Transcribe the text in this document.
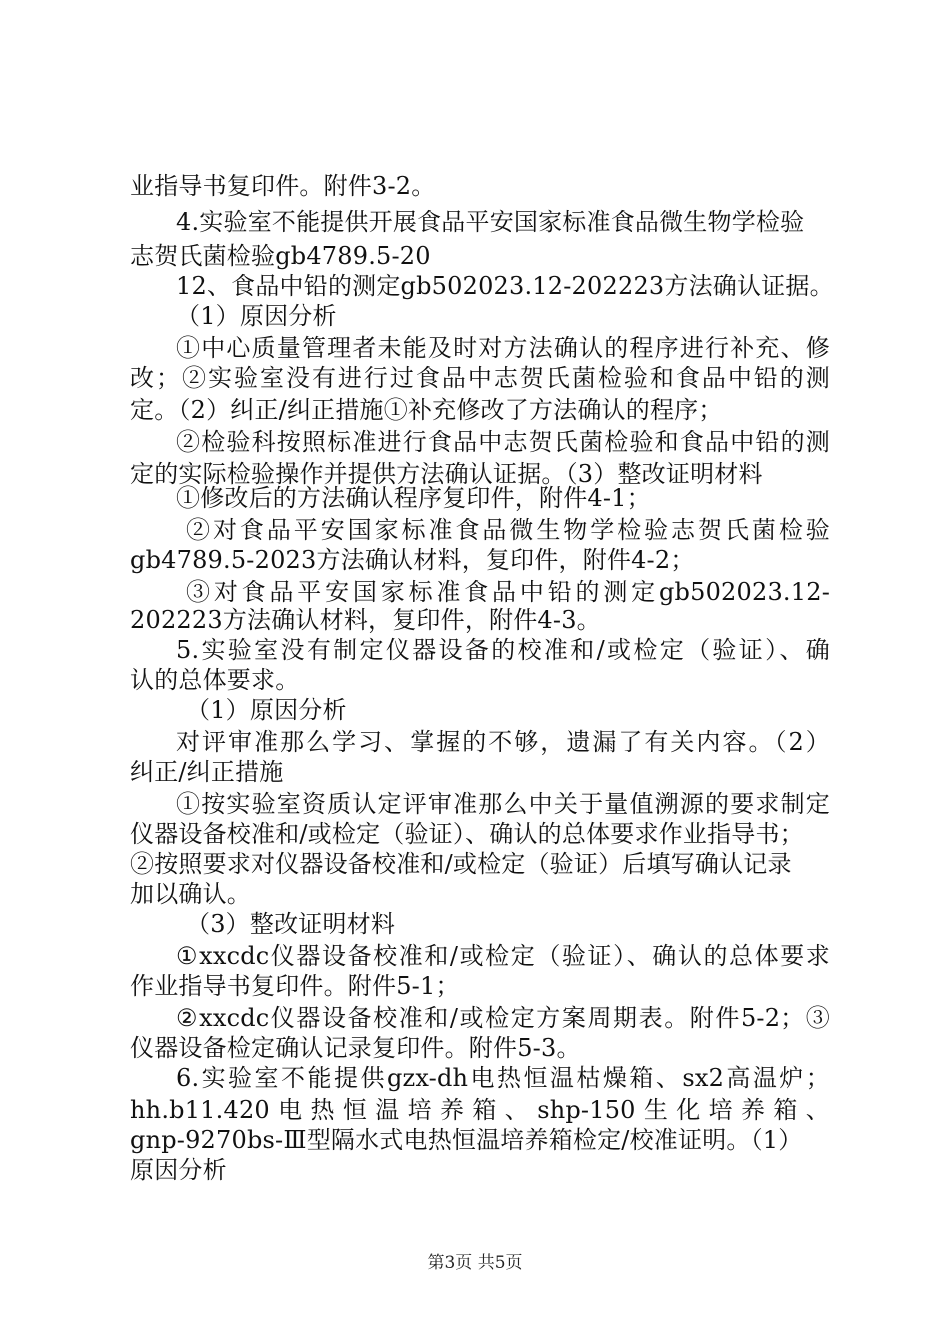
业指导书复印件。附件3-2。
4.实验室不能提供开展食品平安国家标准食品微生物学检验
志贺氏菌检验gb4789.5-20
12、食品中铅的测定gb502023.12-202223方法确认证据。
（1）原因分析
①中心质量管理者未能及时对方法确认的程序进行补充、修
改；②实验室没有进行过食品中志贺氏菌检验和食品中铅的测
定。（2）纠正/纠正措施①补充修改了方法确认的程序；
②检验科按照标准进行食品中志贺氏菌检验和食品中铅的测
定的实际检验操作并提供方法确认证据。（3）整改证明材料
①修改后的方法确认程序复印件，附件4-1；
②对食品平安国家标准食品微生物学检验志贺氏菌检验
gb4789.5-2023方法确认材料，复印件，附件4-2；
③对食品平安国家标准食品中铅的测定gb502023.12-
202223方法确认材料，复印件，附件4-3。
5.实验室没有制定仪器设备的校准和/或检定（验证）、确
认的总体要求。
（1）原因分析
对评审准那么学习、掌握的不够，遗漏了有关内容。（2）
纠正/纠正措施
①按实验室资质认定评审准那么中关于量值溯源的要求制定
仪器设备校准和/或检定（验证）、确认的总体要求作业指导书；
②按照要求对仪器设备校准和/或检定（验证）后填写确认记录
加以确认。
（3）整改证明材料
①xxcdc仪器设备校准和/或检定（验证）、确认的总体要求
作业指导书复印件。附件5-1；
②xxcdc仪器设备校准和/或检定方案周期表。附件5-2；③
仪器设备检定确认记录复印件。附件5-3。
6.实验室不能提供gzx-dh电热恒温枯燥箱、sx2高温炉；
hh.b11.420电热恒温培养箱、shp-150生化培养箱、
gnp-9270bs-Ⅲ型隔水式电热恒温培养箱检定/校准证明。（1）
原因分析
第3页 共5页
